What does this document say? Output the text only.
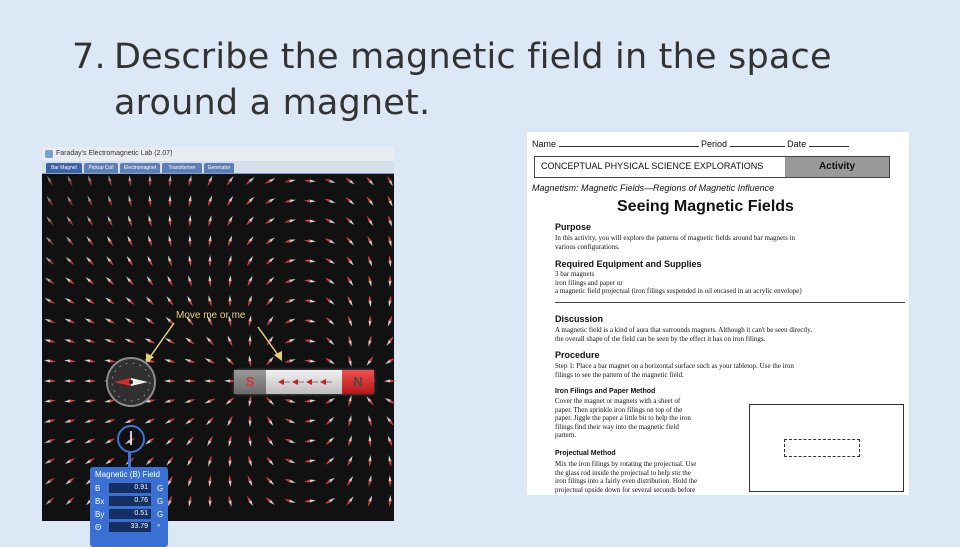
7. Describe the magnetic field in the space
around a magnet.
Faraday's Electromagnetic Lab (2.07)
Bar Magnet	Pickup Coil	Electromagnet	Transformer	Generator
Move me or me
S	N
Magnetic (B) Field
B	0.91	G
Bx	0.76	G
By	0.51	G
Θ	33.79	°
Name	Period	Date
CONCEPTUAL PHYSICAL SCIENCE EXPLORATIONS	Activity
Magnetism: Magnetic Fields—Regions of Magnetic Influence
Seeing Magnetic Fields
Purpose
In this activity, you will explore the patterns of magnetic fields around bar magnets in
various configurations.
Required Equipment and Supplies
3 bar magnets
iron filings and paper or
a magnetic field projectual (iron filings suspended in oil encased in an acrylic envelope)
Discussion
A magnetic field is a kind of aura that surrounds magnets. Although it can't be seen directly,
the overall shape of the field can be seen by the effect it has on iron filings.
Procedure
Step 1: Place a bar magnet on a horizontal surface such as your tabletop. Use the iron
filings to see the pattern of the magnetic field.
Iron Filings and Paper Method
Cover the magnet or magnets with a sheet of
paper. Then sprinkle iron filings on top of the
paper. Jiggle the paper a little bit to help the iron
filings find their way into the magnetic field
pattern.
Projectual Method
Mix the iron filings by rotating the projectual. Use
the glass rod inside the projectual to help stir the
iron filings into a fairly even distribution. Hold the
projectual upside down for several seconds before
